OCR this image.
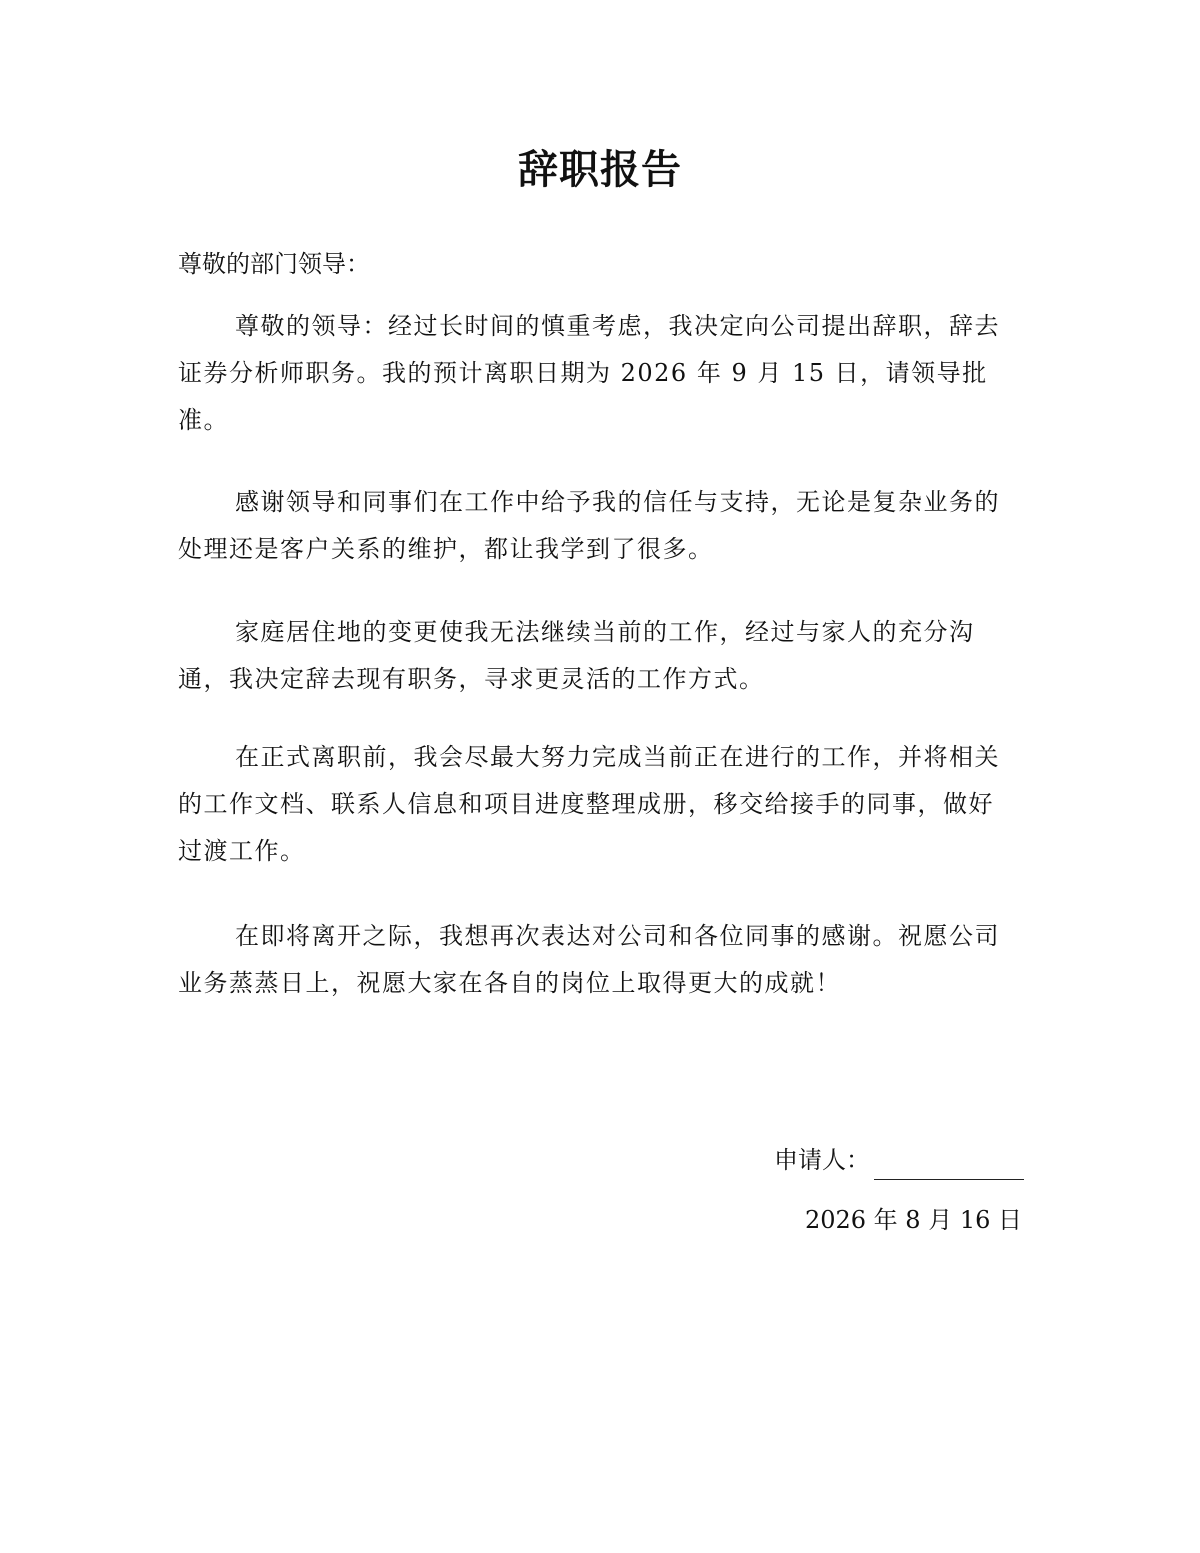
辞职报告

尊敬的部门领导：

尊敬的领导：经过长时间的慎重考虑，我决定向公司提出辞职，辞去证券分析师职务。我的预计离职日期为 2026 年 9 月 15 日，请领导批准。

感谢领导和同事们在工作中给予我的信任与支持，无论是复杂业务的处理还是客户关系的维护，都让我学到了很多。

家庭居住地的变更使我无法继续当前的工作，经过与家人的充分沟通，我决定辞去现有职务，寻求更灵活的工作方式。

在正式离职前，我会尽最大努力完成当前正在进行的工作，并将相关的工作文档、联系人信息和项目进度整理成册，移交给接手的同事，做好过渡工作。

在即将离开之际，我想再次表达对公司和各位同事的感谢。祝愿公司业务蒸蒸日上，祝愿大家在各自的岗位上取得更大的成就！

申请人：
2026 年 8 月 16 日
